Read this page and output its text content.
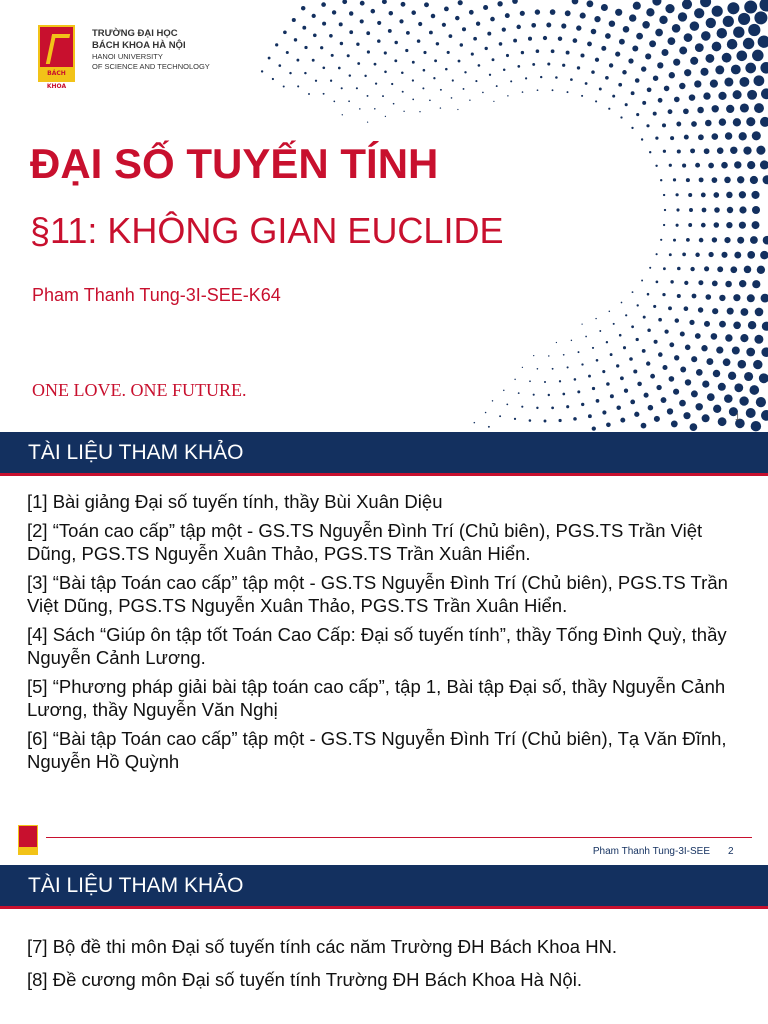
BÁCH KHOA
TRƯỜNG ĐẠI HỌC
BÁCH KHOA HÀ NỘI
HANOI UNIVERSITY
OF SCIENCE AND TECHNOLOGY
ĐẠI SỐ TUYẾN TÍNH
§11: KHÔNG GIAN EUCLIDE
Pham Thanh Tung-3I-SEE-K64
ONE LOVE. ONE FUTURE.
1
TÀI LIỆU THAM KHẢO

[1] Bài giảng Đại số tuyến tính, thầy Bùi Xuân Diệu

[2] “Toán cao cấp” tập một - GS.TS Nguyễn Đình Trí (Chủ biên), PGS.TS Trần Việt Dũng, PGS.TS Nguyễn Xuân Thảo, PGS.TS Trần Xuân Hiển.

[3] “Bài tập Toán cao cấp” tập một - GS.TS Nguyễn Đình Trí (Chủ biên), PGS.TS Trần Việt Dũng, PGS.TS Nguyễn Xuân Thảo, PGS.TS Trần Xuân Hiển.

[4] Sách “Giúp ôn tập tốt Toán Cao Cấp: Đại số tuyến tính”, thầy Tống Đình Quỳ, thầy Nguyễn Cảnh Lương.

[5] “Phương pháp giải bài tập toán cao cấp”, tập 1, Bài tập Đại số, thầy Nguyễn Cảnh Lương, thầy Nguyễn Văn Nghị

[6] “Bài tập Toán cao cấp” tập một - GS.TS Nguyễn Đình Trí (Chủ biên), Tạ Văn Đĩnh, Nguyễn Hồ Quỳnh

Pham Thanh Tung-3I-SEE 2
TÀI LIỆU THAM KHẢO

[7] Bộ đề thi môn Đại số tuyến tính các năm Trường ĐH Bách Khoa HN.

[8] Đề cương môn Đại số tuyến tính Trường ĐH Bách Khoa Hà Nội.
